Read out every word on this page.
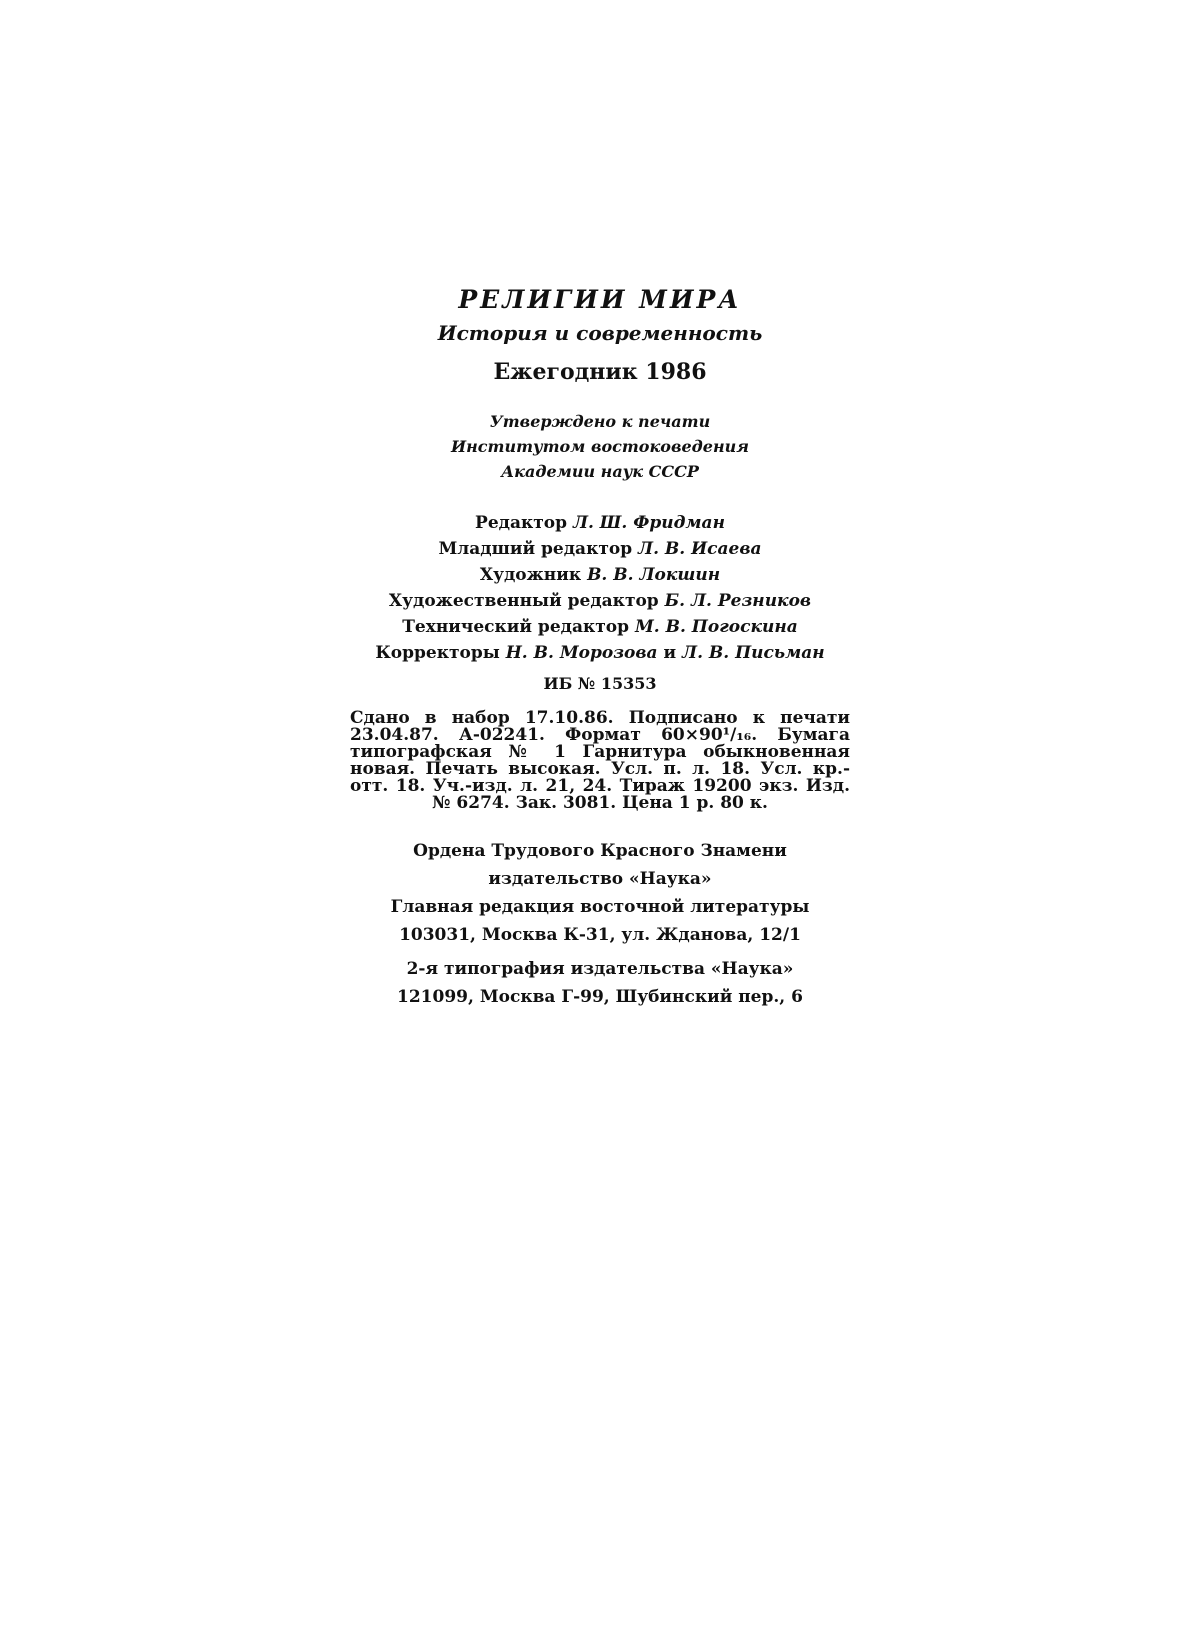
РЕЛИГИИ МИРА
История и современность
Ежегодник 1986
Утверждено к печати
Институтом востоковедения
Академии наук СССР
Редактор Л. Ш. Фридман
Младший редактор Л. В. Исаева
Художник В. В. Локшин
Художественный редактор Б. Л. Резников
Технический редактор М. В. Погоскина
Корректоры Н. В. Морозова и Л. В. Письман
ИБ № 15353
Сдано в набор 17.10.86. Подписано к печати 23.04.87. А-02241. Формат 60×90¹/₁₆. Бумага типографская № 1 Гарнитура обыкновенная новая. Печать высокая. Усл. п. л. 18. Усл. кр.-отт. 18. Уч.-изд. л. 21, 24. Тираж 19200 экз. Изд. № 6274. Зак. 3081. Цена 1 р. 80 к.
Ордена Трудового Красного Знамени
издательство «Наука»
Главная редакция восточной литературы
103031, Москва К-31, ул. Жданова, 12/1
2-я типография издательства «Наука»
121099, Москва Г-99, Шубинский пер., 6
